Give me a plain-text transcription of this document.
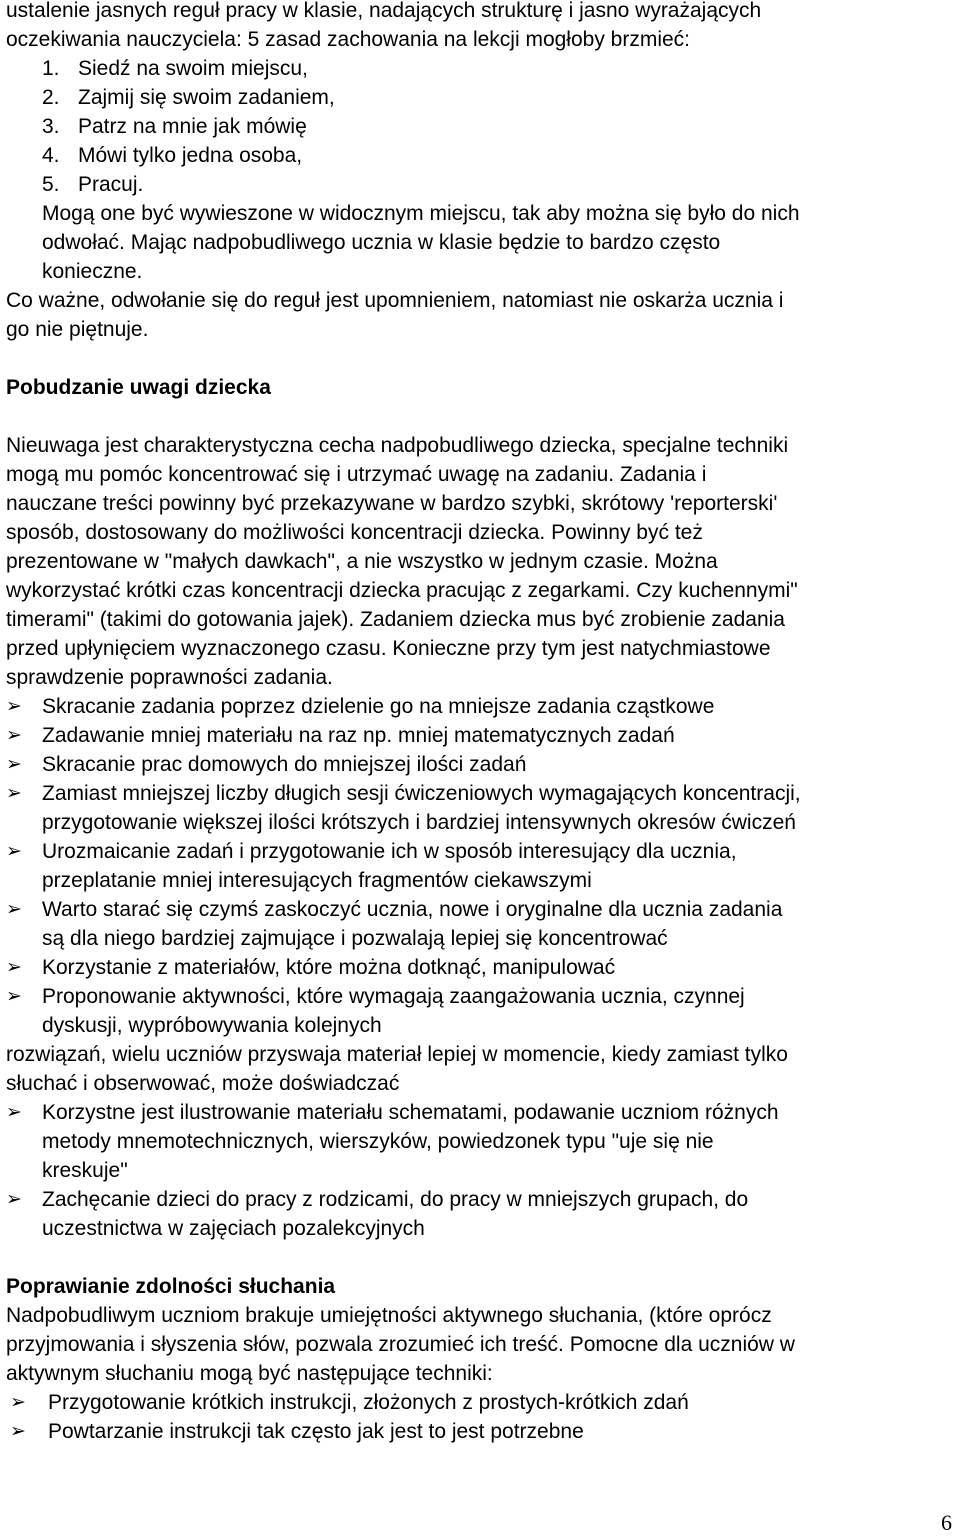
ustalenie jasnych reguł pracy w klasie, nadających strukturę i jasno wyrażających
oczekiwania nauczyciela: 5 zasad zachowania na lekcji mogłoby brzmieć:
1. Siedź na swoim miejscu,
2. Zajmij się swoim zadaniem,
3. Patrz na mnie jak mówię
4. Mówi tylko jedna osoba,
5. Pracuj.
Mogą one być wywieszone w widocznym miejscu, tak aby można się było do nich
odwołać. Mając nadpobudliwego ucznia w klasie będzie to bardzo często
konieczne.
Co ważne, odwołanie się do reguł jest upomnieniem, natomiast nie oskarża ucznia i
go nie piętnuje.
Pobudzanie uwagi dziecka
Nieuwaga jest charakterystyczna cecha nadpobudliwego dziecka, specjalne techniki
mogą mu pomóc koncentrować się i utrzymać uwagę na zadaniu. Zadania i
nauczane treści powinny być przekazywane w bardzo szybki, skrótowy 'reporterski'
sposób, dostosowany do możliwości koncentracji dziecka. Powinny być też
prezentowane w "małych dawkach", a nie wszystko w jednym czasie. Można
wykorzystać krótki czas koncentracji dziecka pracując z zegarkami. Czy kuchennymi"
timerami" (takimi do gotowania jajek). Zadaniem dziecka mus być zrobienie zadania
przed upłynięciem wyznaczonego czasu. Konieczne przy tym jest natychmiastowe
sprawdzenie poprawności zadania.
➢ Skracanie zadania poprzez dzielenie go na mniejsze zadania cząstkowe
➢ Zadawanie mniej materiału na raz np. mniej matematycznych zadań
➢ Skracanie prac domowych do mniejszej ilości zadań
➢ Zamiast mniejszej liczby długich sesji ćwiczeniowych wymagających koncentracji,
przygotowanie większej ilości krótszych i bardziej intensywnych okresów ćwiczeń
➢ Urozmaicanie zadań i przygotowanie ich w sposób interesujący dla ucznia,
przeplatanie mniej interesujących fragmentów ciekawszymi
➢ Warto starać się czymś zaskoczyć ucznia, nowe i oryginalne dla ucznia zadania
są dla niego bardziej zajmujące i pozwalają lepiej się koncentrować
➢ Korzystanie z materiałów, które można dotknąć, manipulować
➢ Proponowanie aktywności, które wymagają zaangażowania ucznia, czynnej
dyskusji, wypróbowywania kolejnych
rozwiązań, wielu uczniów przyswaja materiał lepiej w momencie, kiedy zamiast tylko
słuchać i obserwować, może doświadczać
➢ Korzystne jest ilustrowanie materiału schematami, podawanie uczniom różnych
metody mnemotechnicznych, wierszyków, powiedzonek typu "uje się nie
kreskuje"
➢ Zachęcanie dzieci do pracy z rodzicami, do pracy w mniejszych grupach, do
uczestnictwa w zajęciach pozalekcyjnych
Poprawianie zdolności słuchania
Nadpobudliwym uczniom brakuje umiejętności aktywnego słuchania, (które oprócz
przyjmowania i słyszenia słów, pozwala zrozumieć ich treść. Pomocne dla uczniów w
aktywnym słuchaniu mogą być następujące techniki:
➢ Przygotowanie krótkich instrukcji, złożonych z prostych-krótkich zdań
➢ Powtarzanie instrukcji tak często jak jest to jest potrzebne
6
